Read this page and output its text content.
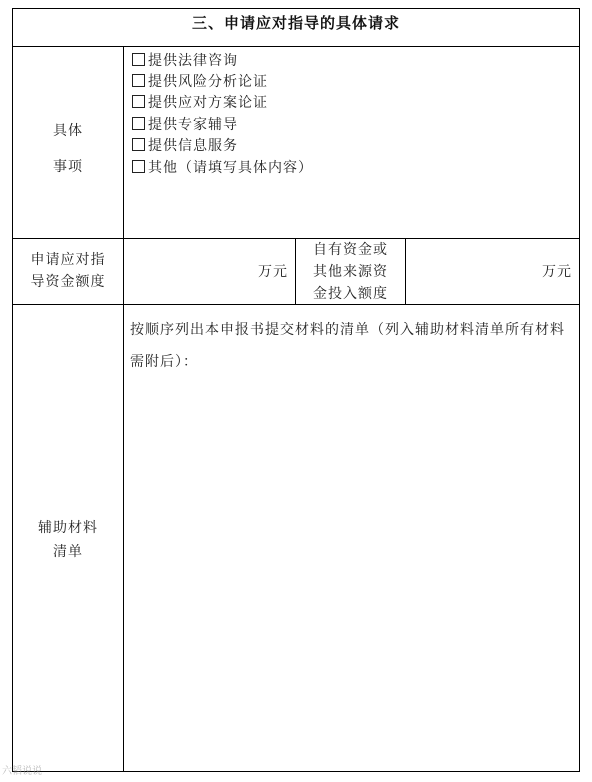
三、申请应对指导的具体请求
具体
事项
提供法律咨询
提供风险分析论证
提供应对方案论证
提供专家辅导
提供信息服务
其他（请填写具体内容）
申请应对指
导资金额度
万元
自有资金或
其他来源资
金投入额度
万元
辅助材料
清单
按顺序列出本申报书提交材料的清单（列入辅助材料清单所有材料需附后）：
六韬说说
